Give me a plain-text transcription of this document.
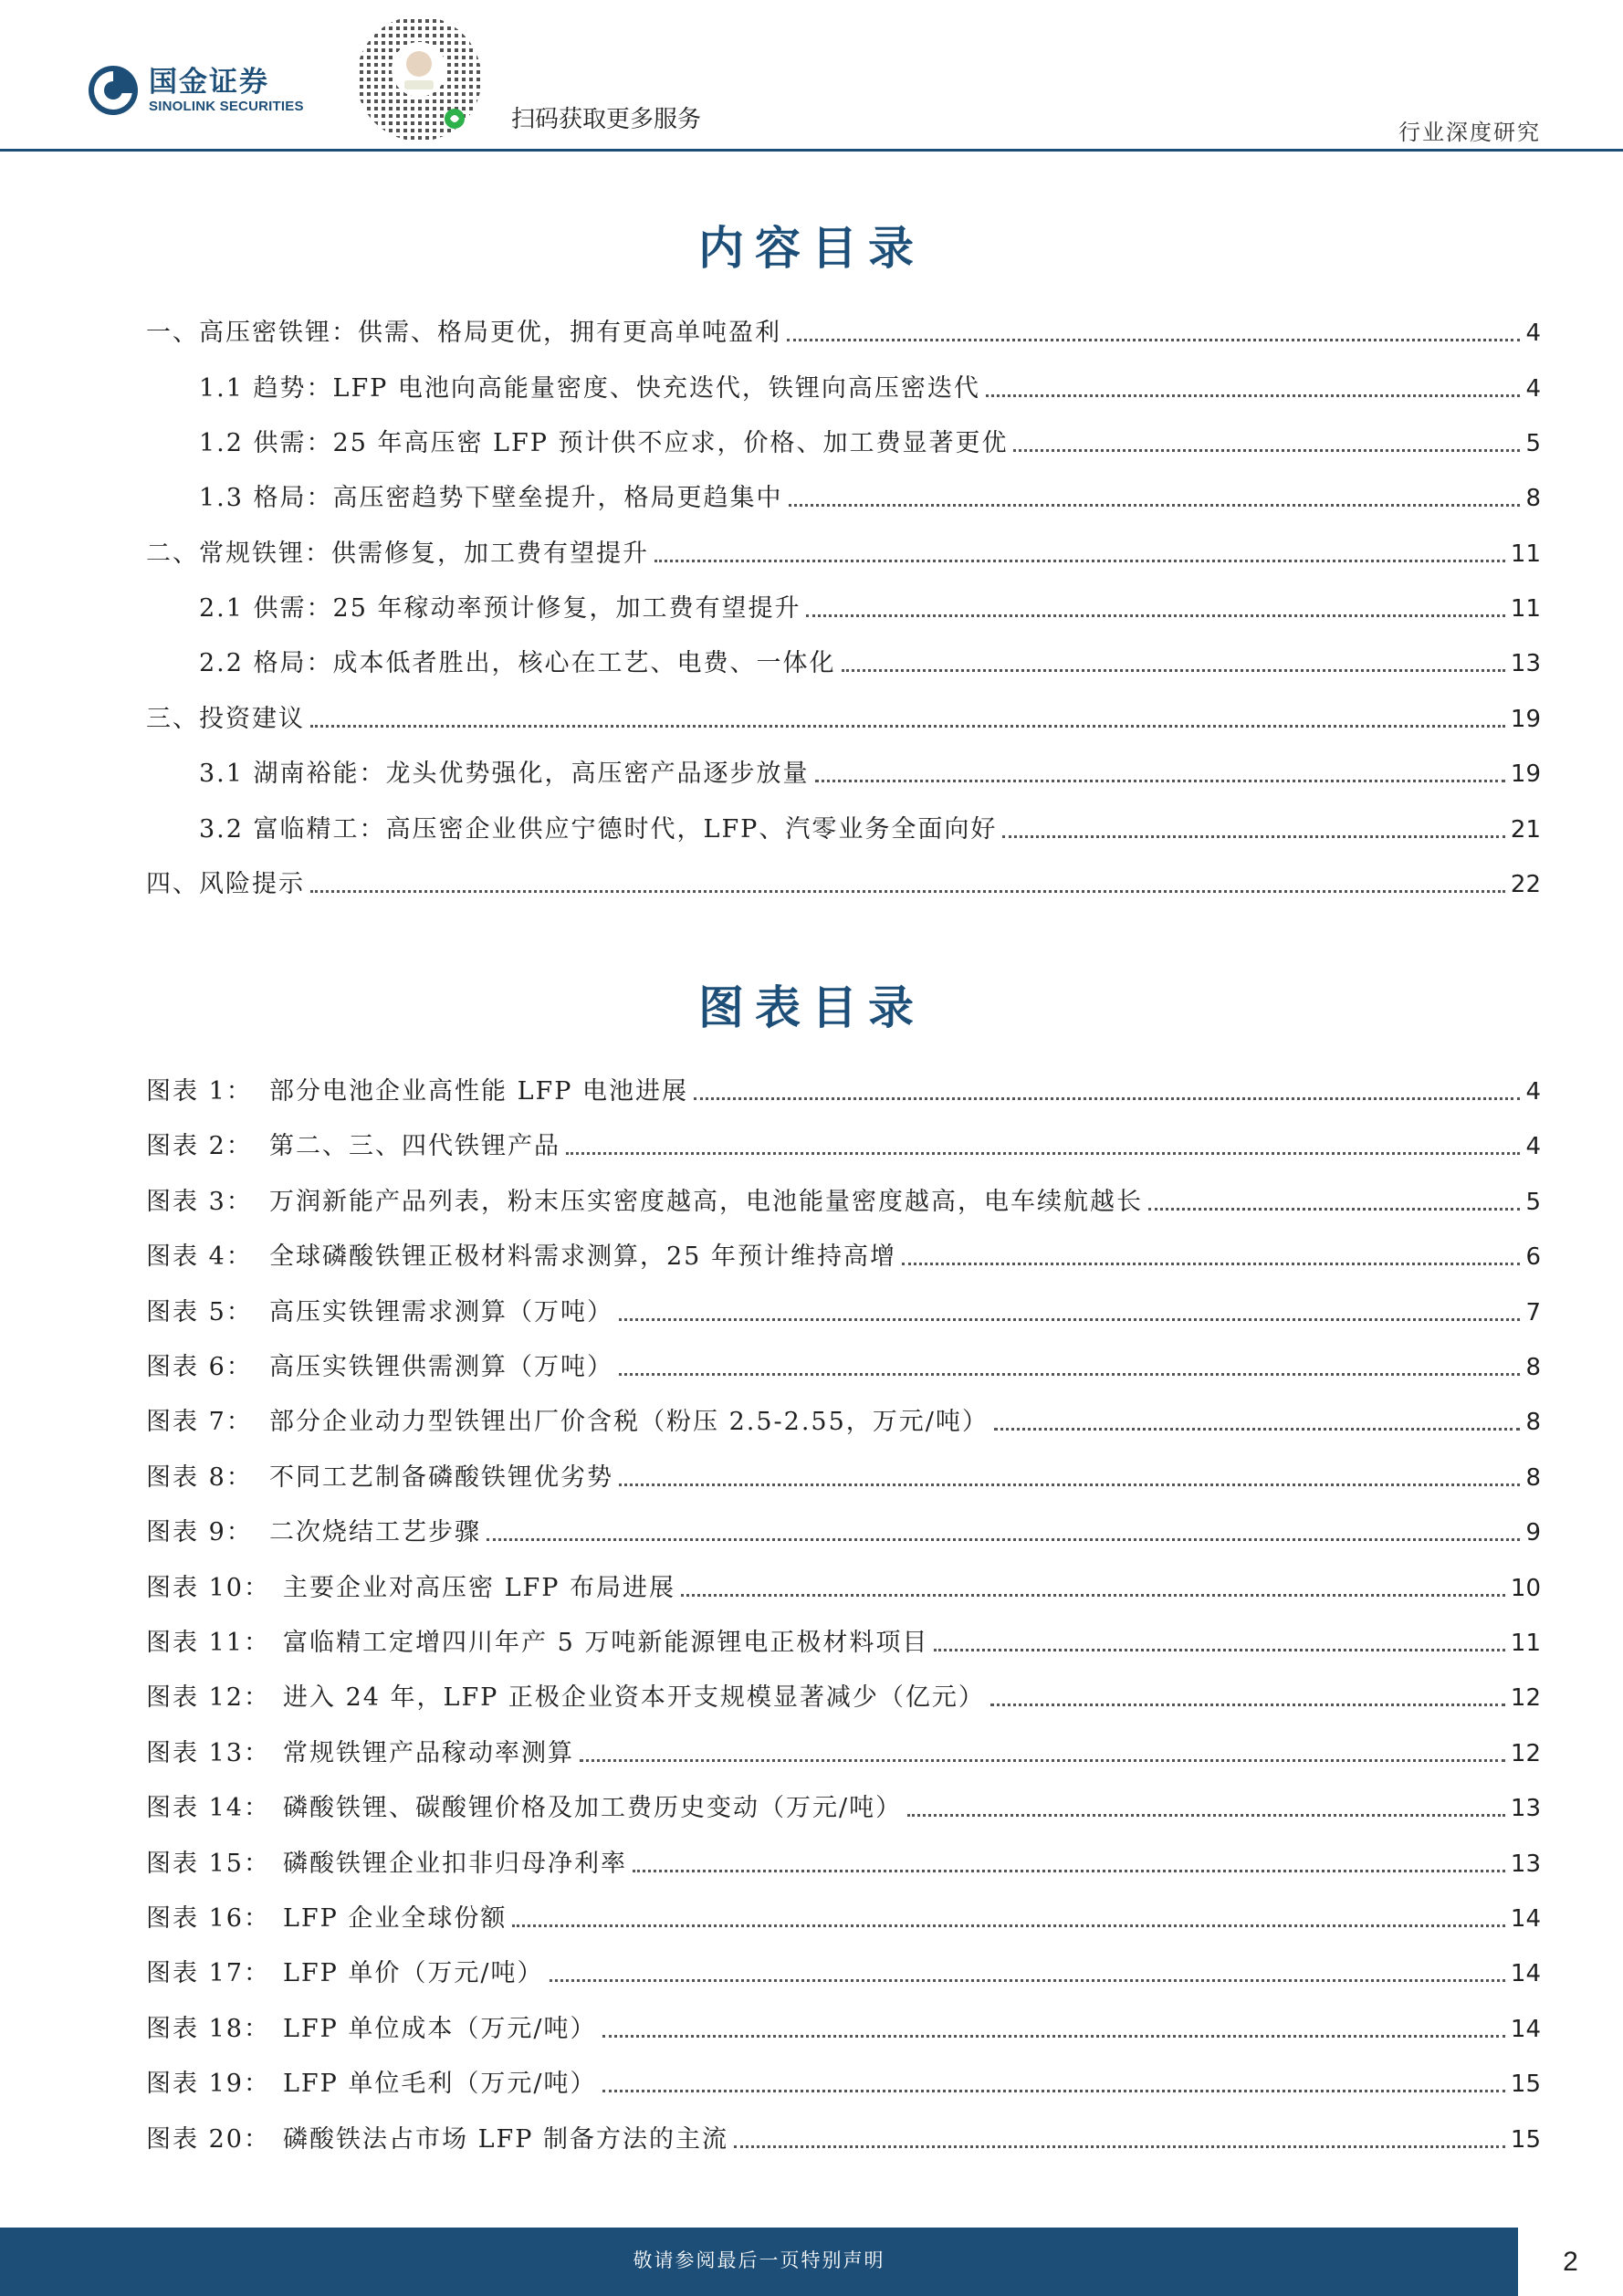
国金证券
SINOLINK SECURITIES	扫码获取更多服务	行业深度研究
内容目录
一、高压密铁锂：供需、格局更优，拥有更高单吨盈利	4
1.1 趋势：LFP 电池向高能量密度、快充迭代，铁锂向高压密迭代	4
1.2 供需：25 年高压密 LFP 预计供不应求，价格、加工费显著更优	5
1.3 格局：高压密趋势下壁垒提升，格局更趋集中	8
二、常规铁锂：供需修复，加工费有望提升	11
2.1 供需：25 年稼动率预计修复，加工费有望提升	11
2.2 格局：成本低者胜出，核心在工艺、电费、一体化	13
三、投资建议	19
3.1 湖南裕能：龙头优势强化，高压密产品逐步放量	19
3.2 富临精工：高压密企业供应宁德时代，LFP、汽零业务全面向好	21
四、风险提示	22
图表目录
图表 1： 部分电池企业高性能 LFP 电池进展	4
图表 2： 第二、三、四代铁锂产品	4
图表 3： 万润新能产品列表，粉末压实密度越高，电池能量密度越高，电车续航越长	5
图表 4： 全球磷酸铁锂正极材料需求测算，25 年预计维持高增	6
图表 5： 高压实铁锂需求测算（万吨）	7
图表 6： 高压实铁锂供需测算（万吨）	8
图表 7： 部分企业动力型铁锂出厂价含税（粉压 2.5-2.55，万元/吨）	8
图表 8： 不同工艺制备磷酸铁锂优劣势	8
图表 9： 二次烧结工艺步骤	9
图表 10： 主要企业对高压密 LFP 布局进展	10
图表 11： 富临精工定增四川年产 5 万吨新能源锂电正极材料项目	11
图表 12： 进入 24 年，LFP 正极企业资本开支规模显著减少（亿元）	12
图表 13： 常规铁锂产品稼动率测算	12
图表 14： 磷酸铁锂、碳酸锂价格及加工费历史变动（万元/吨）	13
图表 15： 磷酸铁锂企业扣非归母净利率	13
图表 16： LFP 企业全球份额	14
图表 17： LFP 单价（万元/吨）	14
图表 18： LFP 单位成本（万元/吨）	14
图表 19： LFP 单位毛利（万元/吨）	15
图表 20： 磷酸铁法占市场 LFP 制备方法的主流	15
敬请参阅最后一页特别声明	2
